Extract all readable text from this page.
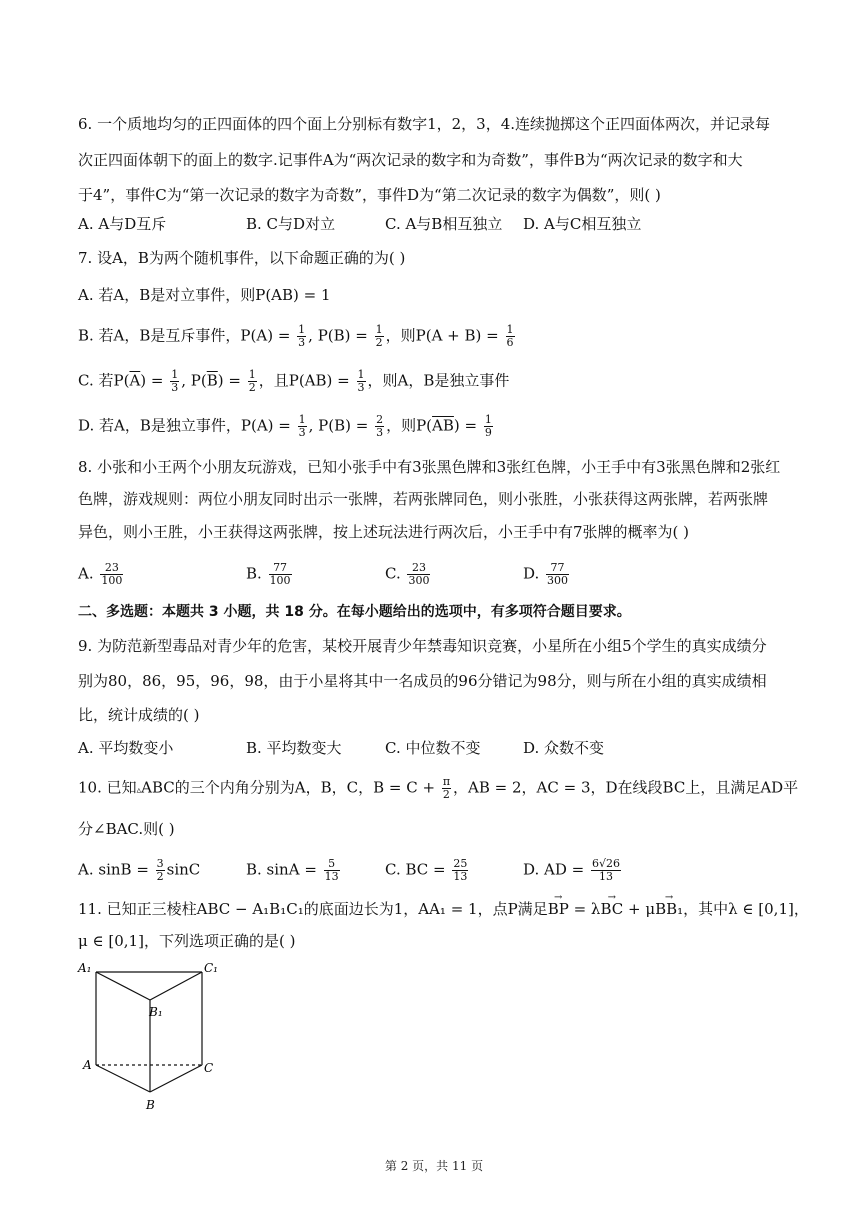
6. 一个质地均匀的正四面体的四个面上分别标有数字1，2，3，4.连续抛掷这个正四面体两次，并记录每
次正四面体朝下的面上的数字.记事件A为“两次记录的数字和为奇数”，事件B为“两次记录的数字和大
于4”，事件C为“第一次记录的数字为奇数”，事件D为“第二次记录的数字为偶数”，则( )
A. A与D互斥	B. C与D对立	C. A与B相互独立 D. A与C相互独立
7. 设A，B为两个随机事件，以下命题正确的为( )
A. 若A，B是对立事件，则P(AB) = 1
B. 若A，B是互斥事件，$P(A) = \frac{1}{3}$ , $P(B) = \frac{1}{2}$ ，则$P(A + B) = \frac{1}{6}$
C. 若$P(\overline{A}) = \frac{1}{3}$ , $P(\overline{B}) = \frac{1}{2}$ ，且$P(AB) = \frac{1}{3}$ ，则A，B是独立事件
D. 若A，B是独立事件，$P(A) = \frac{1}{3}$ , $P(B) = \frac{2}{3}$ ，则$P(\overline{AB}) = \frac{1}{9}$
8. 小张和小王两个小朋友玩游戏，已知小张手中有3张黑色牌和3张红色牌，小王手中有3张黑色牌和2张红
色牌，游戏规则：两位小朋友同时出示一张牌，若两张牌同色，则小张胜，小张获得这两张牌，若两张牌
异色，则小王胜，小王获得这两张牌，按上述玩法进行两次后，小王手中有7张牌的概率为( )
A. $\frac{23}{100}$	B. $\frac{77}{100}$	C. $\frac{23}{300}$	D. $\frac{77}{300}$
二、多选题：本题共 3 小题，共 18 分。在每小题给出的选项中，有多项符合题目要求。
9. 为防范新型毒品对青少年的危害，某校开展青少年禁毒知识竞赛，小星所在小组5个学生的真实成绩分
别为80，86，95，96，98，由于小星将其中一名成员的96分错记为98分，则与所在小组的真实成绩相
比，统计成绩的( )
A. 平均数变小	B. 平均数变大	C. 中位数不变	D. 众数不变
10. 已知▵ABC的三个内角分别为A，B，C，$B = C + \frac{\pi}{2}$ ，AB = 2，AC = 3，D在线段BC上，且满足AD平
分∠BAC.则( )
A. $\sin B = \frac{3}{2}$ sinC	B. $\sin A = \frac{5}{13}$	C. BC = $\frac{25}{13}$	D. AD = $\frac{6√26}{13}$
11. 已知正三棱柱ABC − A₁B₁C₁的底面边长为1，AA₁ = 1，点P满足→ BP = λ→ BC + μ→ BB₁，其中λ ∈ [0,1]，
μ ∈ [0,1]，下列选项正确的是( )
A₁	C₁
B₁
A	C
B
第 2 页，共 11 页
